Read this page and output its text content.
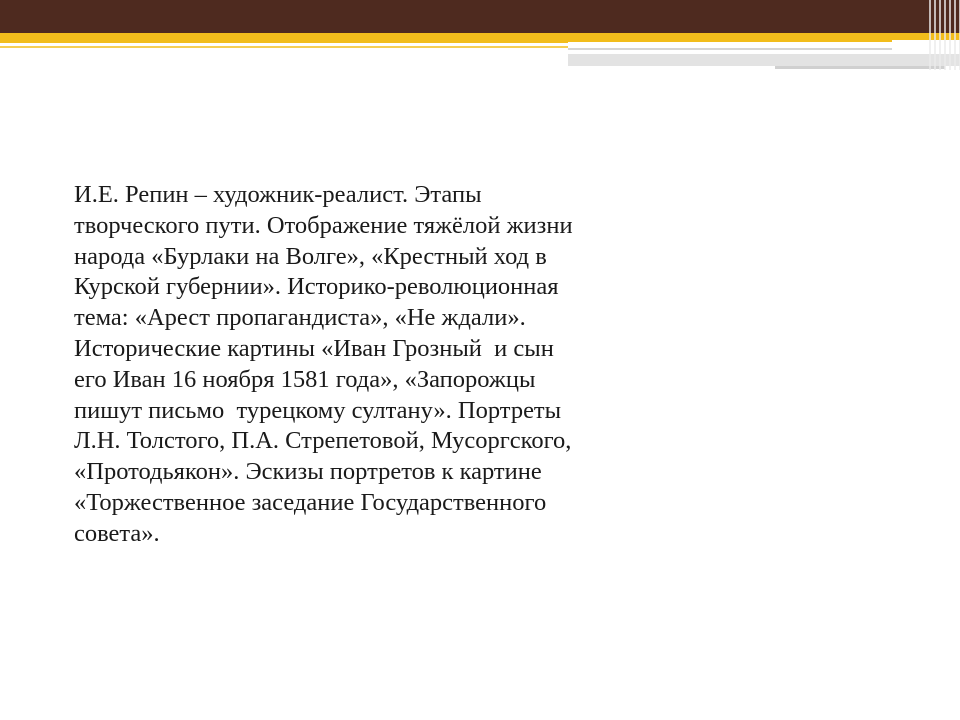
И.Е. Репин – художник-реалист. Этапы
творческого пути. Отображение тяжёлой жизни
народа «Бурлаки на Волге», «Крестный ход в
Курской губернии». Историко-революционная
тема: «Арест пропагандиста», «Не ждали».
Исторические картины «Иван Грозный  и сын
его Иван 16 ноября 1581 года», «Запорожцы
пишут письмо  турецкому султану». Портреты
Л.Н. Толстого, П.А. Стрепетовой, Мусоргского,
«Протодьякон». Эскизы портретов к картине
«Торжественное заседание Государственного
совета».
